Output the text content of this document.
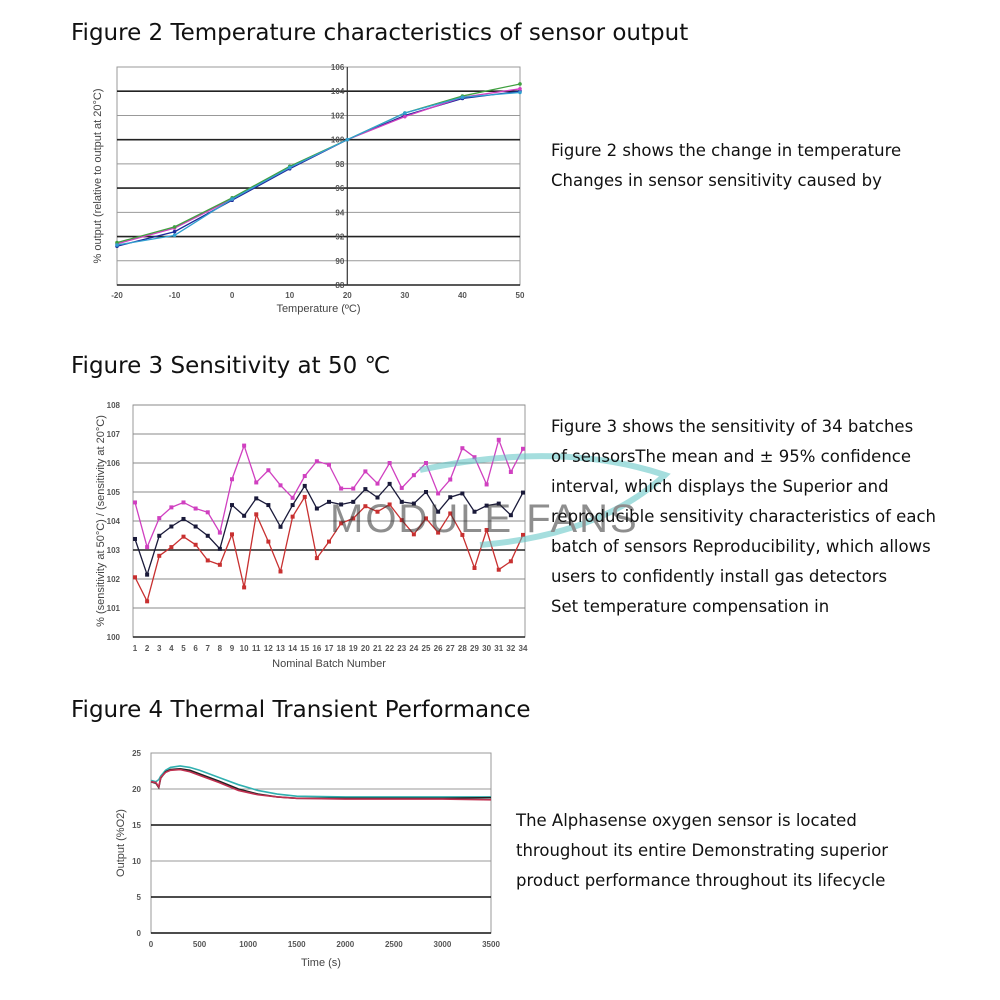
Figure 2 Temperature characteristics of sensor output
Figure 3 Sensitivity at 50 ℃
Figure 4 Thermal Transient Performance
0
5
10
15
20
25
0	500	1000	1500	2000	2500	3000	3500
Time (s)
Output (%O2)
100
101
102
103
104
105
106
107
108
1 2 3 4 5 6 7 8 9 10 11 12 13 14 15 16 17 18 19 20 21 22 23 24 25 26 27 28 29 30 31 32 34
Nominal Batch Number
% (sensitivity at 50°C) / (sensitivity at 20°C)
88
90
92
94
96
98
100
102
104
106
-20	-10	0	10	20	30	40	50
Temperature (ºC)
% output (relative to output at 20°C)
MODULE FANS
Figure 2 shows the change in temperature
Changes in sensor sensitivity caused by
Figure 3 shows the sensitivity of 34 batches
of sensorsThe mean and ± 95% confidence
interval, which displays the Superior and
reproducible sensitivity characteristics of each
batch of sensors Reproducibility, which allows
users to confidently install gas detectors
Set temperature compensation in
The Alphasense oxygen sensor is located
throughout its entire Demonstrating superior
product performance throughout its lifecycle
